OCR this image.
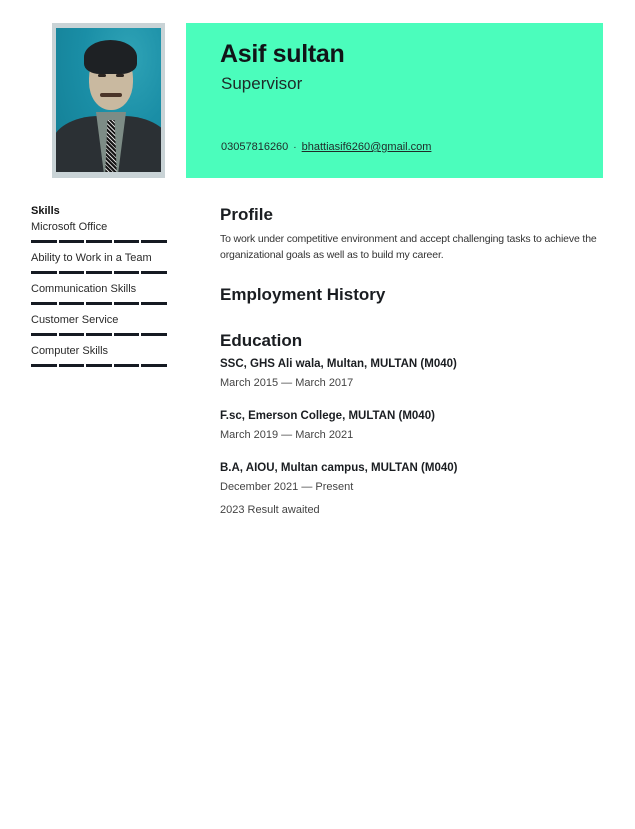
Asif sultan
Supervisor
03057816260 · bhattiasif6260@gmail.com
Skills
Microsoft Office
Ability to Work in a Team
Communication Skills
Customer Service
Computer Skills
Profile
To work under competitive environment and accept challenging tasks to achieve the organizational goals as well as to build my career.
Employment History
Education
SSC, GHS Ali wala, Multan, MULTAN (M040)
March 2015 — March 2017
F.sc, Emerson College, MULTAN (M040)
March 2019 — March 2021
B.A, AIOU, Multan campus, MULTAN (M040)
December 2021 — Present
2023 Result awaited
